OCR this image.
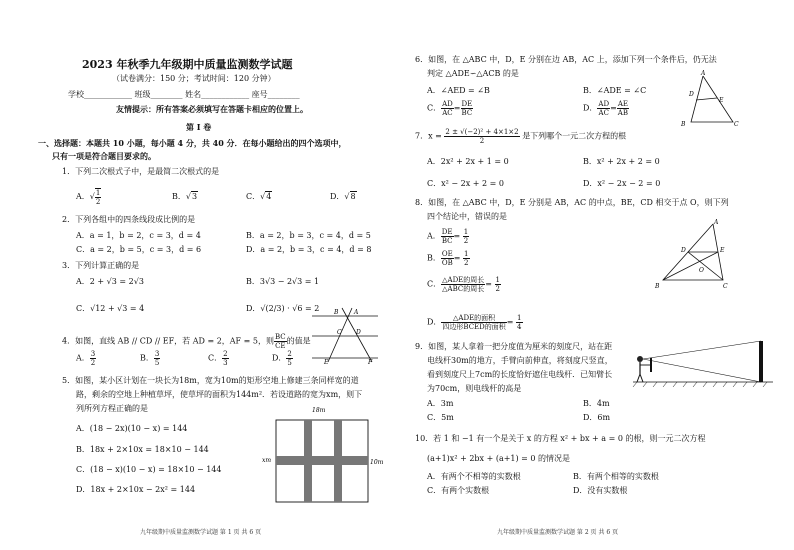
2023 年秋季九年级期中质量监测数学试题
（试卷满分：150 分；考试时间：120 分钟）
学校____________ 班级________ 姓名____________ 座号________
友情提示：所有答案必须填写在答题卡相应的位置上。
第 I 卷
一、选择题：本题共 10 小题，每小题 4 分，共 40 分．在每小题给出的四个选项中，
只有一项是符合题目要求的。
1．下列二次根式子中，是最简二次根式的是
A．√ $\frac{1}{2}$	B．√3	C．√4	D．√8
2．下列各组中的四条线段成比例的是
A．a = 1，b = 2，c = 3，d = 4	B．a = 2，b = 3，c = 4，d = 5
C．a = 2，b = 5，c = 3，d = 6	D．a = 2，b = 3，c = 4，d = 8
3．下列计算正确的是
A．2 + √3 = 2√3	B．3√3 − 2√3 = 1
C．√12 + √3 = 4	D．√(2/3) · √6 = 2
4．如图，直线 AB // CD // EF，若 AD = 2，AF = 5，则 $\frac{BC}{CE}$ 的值是
A． $\frac{3}{2}$	B． $\frac{3}{5}$	C． $\frac{2}{3}$	D． $\frac{2}{5}$
A
B
C D
E	F
5．如图，某小区计划在一块长为18m，宽为10m的矩形空地上修建三条同样宽的道
路，剩余的空地上种植草坪，使草坪的面积为144m²．若设道路的宽为xm，则下
列所列方程正确的是
A．(18 − 2x)(10 − x) = 144
B．18x + 2×10x = 18×10 − 144
C．(18 − x)(10 − x) = 18×10 − 144
D．18x + 2×10x − 2x² = 144
18m
10m
xm
九年级期中质量监测数学试题 第 1 页 共 6 页
6．如图，在 △ABC 中，D，E 分别在边 AB，AC 上，添加下列一个条件后，仍无法
判定 △ADE∽△ACB 的是
A．∠AED = ∠B	B．∠ADE = ∠C
C． $\frac{AD}{AC} = \frac{DE}{BC}$	D． $\frac{AD}{AC} = \frac{AE}{AB}$
A
D
E
B	C
7．$x = \frac{\text{2 ± √(−2)² + 4×1×2}}{2}$ 是下列哪个一元二次方程的根
A．2x² + 2x + 1 = 0	B．x² + 2x + 2 = 0
C．x² − 2x + 2 = 0	D．x² − 2x − 2 = 0
8．如图，在 △ABC 中，D，E 分别是 AB，AC 的中点，BE，CD 相交于点 O，则下列
四个结论中，错误的是
A． $\frac{DE}{BC} = \frac{1}{2}$
B． $\frac{OE}{OB} = \frac{1}{2}$
C． $\frac{\text{△ADE的周长}}{\text{△ABC的周长}} = \frac{1}{2}$
D． $\frac{\text{△ADE的面积}}{\text{四边形BCED的面积}} = \frac{1}{4}$
A
D	E
O
B	C
9．如图，某人拿着一把分度值为厘米的刻度尺，站在距
电线杆30m的地方，手臂向前伸直，将刻度尺竖直，
看到刻度尺上7cm的长度恰好遮住电线杆．已知臂长
为70cm，则电线杆的高是
A．3m	B．4m
C．5m	D．6m
10．若 1 和 −1 有一个是关于 x 的方程 x² + bx + a = 0 的根，则一元二次方程
(a+1)x² + 2bx + (a+1) = 0 的情况是
A．有两个不相等的实数根	B．有两个相等的实数根
C．有两个实数根	D．没有实数根
九年级期中质量监测数学试题 第 2 页 共 6 页
